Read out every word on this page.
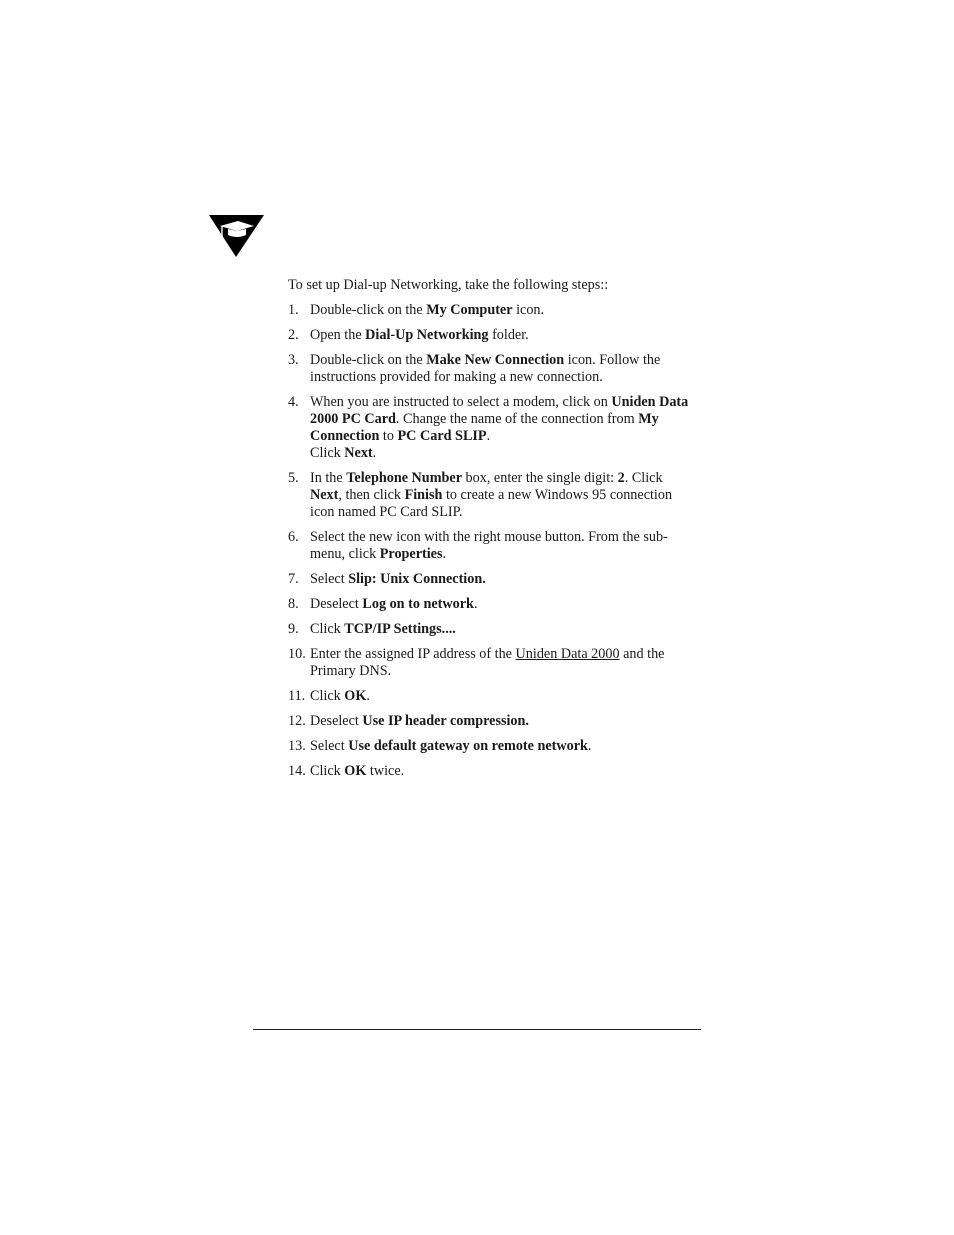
To set up Dial-up Networking, take the following steps::

1. Double-click on the My Computer icon.
2. Open the Dial-Up Networking folder.
3. Double-click on the Make New Connection icon. Follow the instructions provided for making a new connection.
4. When you are instructed to select a modem, click on Uniden Data 2000 PC Card. Change the name of the connection from My Connection to PC Card SLIP.
Click Next.
5. In the Telephone Number box, enter the single digit: 2. Click Next, then click Finish to create a new Windows 95 connection icon named PC Card SLIP.
6. Select the new icon with the right mouse button. From the sub-menu, click Properties.
7. Select Slip: Unix Connection.
8. Deselect Log on to network.
9. Click TCP/IP Settings....
10. Enter the assigned IP address of the Uniden Data 2000 and the Primary DNS.
11. Click OK.
12. Deselect Use IP header compression.
13. Select Use default gateway on remote network.
14. Click OK twice.
